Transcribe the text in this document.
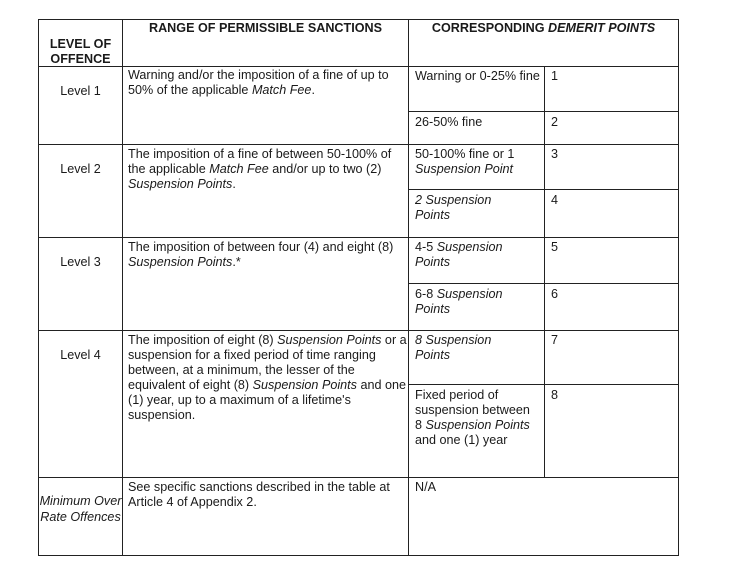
LEVEL OF
OFFENCE
RANGE OF PERMISSIBLE SANCTIONS	CORRESPONDING DEMERIT POINTS
Level 1
Level 2
Level 3
Level 4
Minimum Over Rate Offences
Warning and/or the imposition of a fine of up to 50% of the applicable Match Fee.
The imposition of a fine of between 50-100% of the applicable Match Fee and/or up to two (2) Suspension Points.
The imposition of between four (4) and eight (8) Suspension Points.*
The imposition of eight (8) Suspension Points or a suspension for a fixed period of time ranging between, at a minimum, the lesser of the equivalent of eight (8) Suspension Points and one (1) year, up to a maximum of a lifetime's suspension.
See specific sanctions described in the table at Article 4 of Appendix 2.
Warning or 0-25% fine
26-50% fine
50-100% fine or 1 Suspension Point
2 Suspension Points
4-5 Suspension Points
6-8 Suspension Points
8 Suspension Points
Fixed period of suspension between 8 Suspension Points and one (1) year
N/A
1
2
3
4
5
6
7
8
